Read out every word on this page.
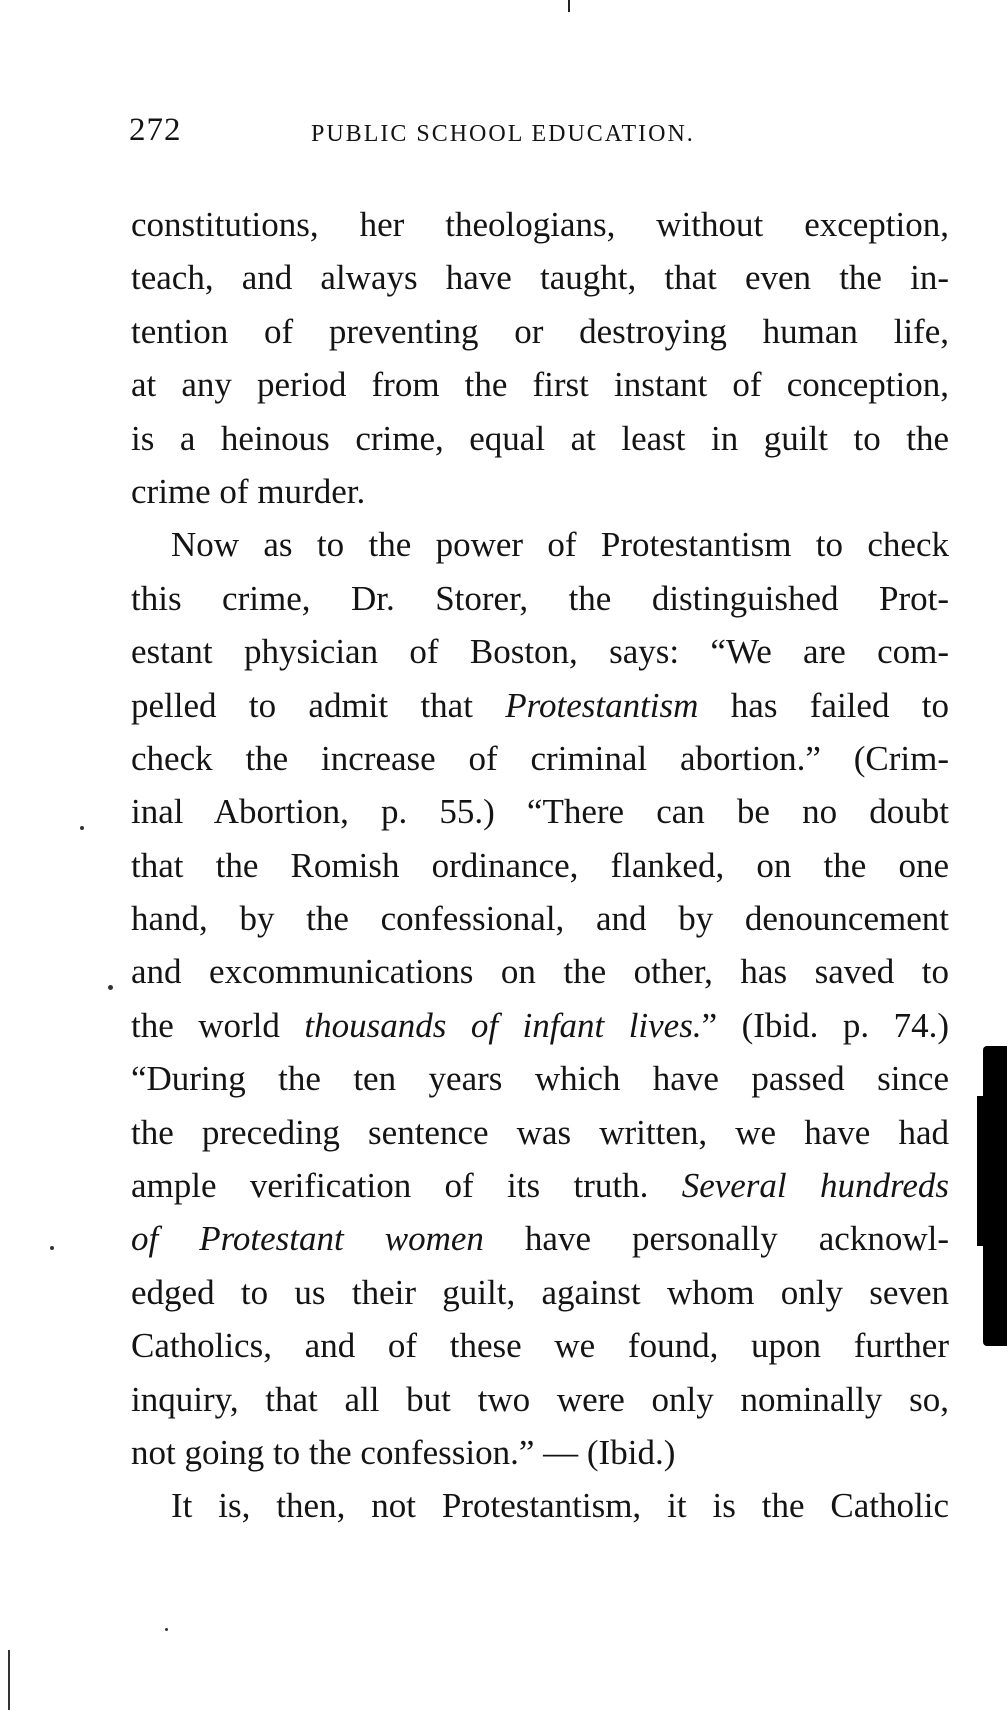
272	PUBLIC SCHOOL EDUCATION.
constitutions, her theologians, without exception,
teach, and always have taught, that even the in-
tention of preventing or destroying human life,
at any period from the first instant of conception,
is a heinous crime, equal at least in guilt to the
crime of murder.
Now as to the power of Protestantism to check
this crime, Dr. Storer, the distinguished Prot-
estant physician of Boston, says: “We are com-
pelled to admit that Protestantism has failed to
check the increase of criminal abortion.” (Crim-
inal Abortion, p. 55.) “There can be no doubt
that the Romish ordinance, flanked, on the one
hand, by the confessional, and by denouncement
and excommunications on the other, has saved to
the world thousands of infant lives.” (Ibid. p. 74.)
“During the ten years which have passed since
the preceding sentence was written, we have had
ample verification of its truth. Several hundreds
of Protestant women have personally acknowl-
edged to us their guilt, against whom only seven
Catholics, and of these we found, upon further
inquiry, that all but two were only nominally so,
not going to the confession.” — (Ibid.)
It is, then, not Protestantism, it is the Catholic
